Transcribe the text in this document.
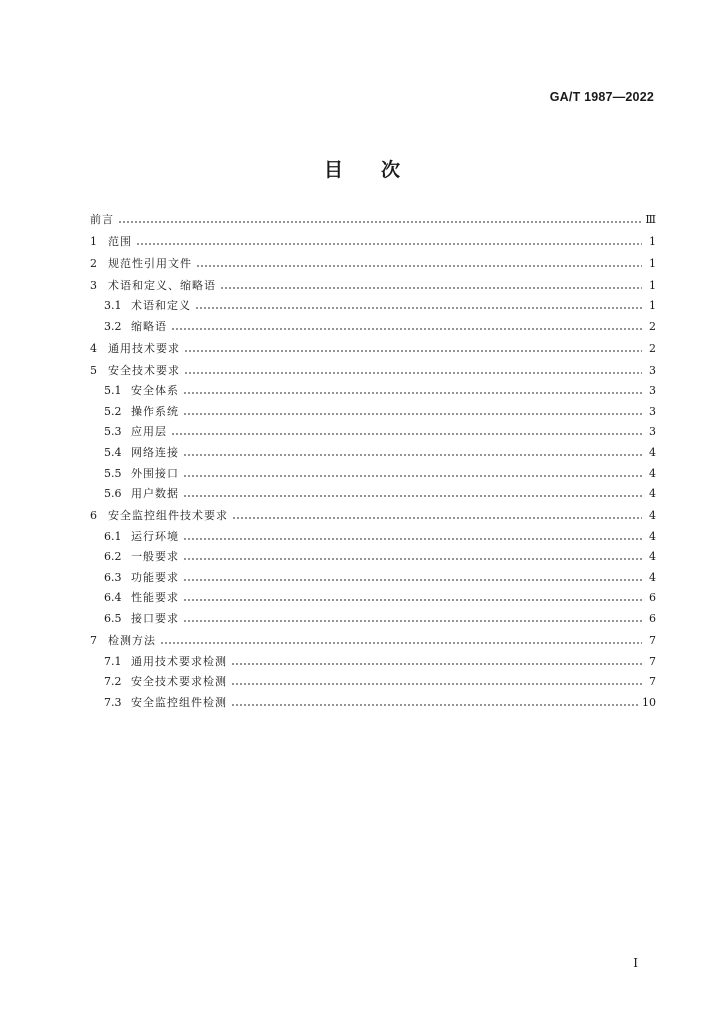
GA/T 1987—2022
目 次
前言	Ⅲ
1	范围	1
2	规范性引用文件	1
3	术语和定义、缩略语	1
3.1 术语和定义	1
3.2 缩略语	2
4	通用技术要求	2
5	安全技术要求	3
5.1 安全体系	3
5.2 操作系统	3
5.3 应用层	3
5.4 网络连接	4
5.5 外围接口	4
5.6 用户数据	4
6	安全监控组件技术要求	4
6.1 运行环境	4
6.2 一般要求	4
6.3 功能要求	4
6.4 性能要求	6
6.5 接口要求	6
7	检测方法	7
7.1 通用技术要求检测	7
7.2 安全技术要求检测	7
7.3 安全监控组件检测	10
I
